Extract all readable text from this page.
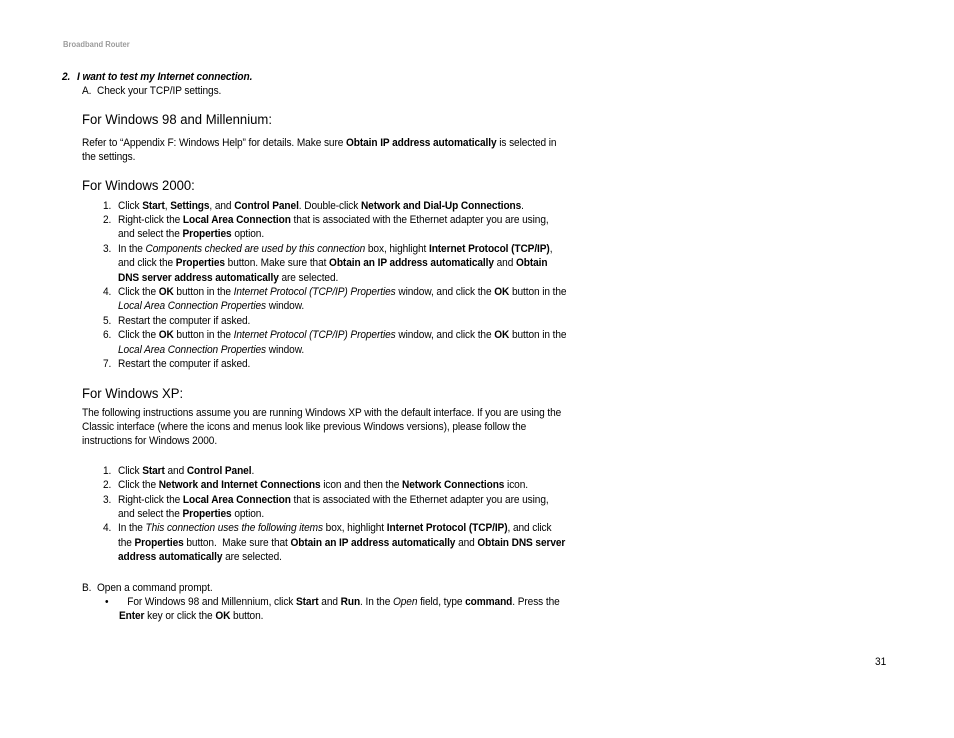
Broadband Router
2. I want to test my Internet connection.
A. Check your TCP/IP settings.
For Windows 98 and Millennium:
Refer to “Appendix F: Windows Help” for details. Make sure Obtain IP address automatically is selected in
the settings.
For Windows 2000:
1. Click Start, Settings, and Control Panel. Double-click Network and Dial-Up Connections.
2. Right-click the Local Area Connection that is associated with the Ethernet adapter you are using,
and select the Properties option.
3. In the Components checked are used by this connection box, highlight Internet Protocol (TCP/IP),
and click the Properties button. Make sure that Obtain an IP address automatically and Obtain
DNS server address automatically are selected.
4. Click the OK button in the Internet Protocol (TCP/IP) Properties window, and click the OK button in the
Local Area Connection Properties window.
5. Restart the computer if asked.
6. Click the OK button in the Internet Protocol (TCP/IP) Properties window, and click the OK button in the
Local Area Connection Properties window.
7. Restart the computer if asked.
For Windows XP:
The following instructions assume you are running Windows XP with the default interface. If you are using the
Classic interface (where the icons and menus look like previous Windows versions), please follow the
instructions for Windows 2000.
1. Click Start and Control Panel.
2. Click the Network and Internet Connections icon and then the Network Connections icon.
3. Right-click the Local Area Connection that is associated with the Ethernet adapter you are using,
and select the Properties option.
4. In the This connection uses the following items box, highlight Internet Protocol (TCP/IP), and click
the Properties button.  Make sure that Obtain an IP address automatically and Obtain DNS server
address automatically are selected.
B. Open a command prompt.
•	For Windows 98 and Millennium, click Start and Run. In the Open field, type command. Press the
Enter key or click the OK button.
31
